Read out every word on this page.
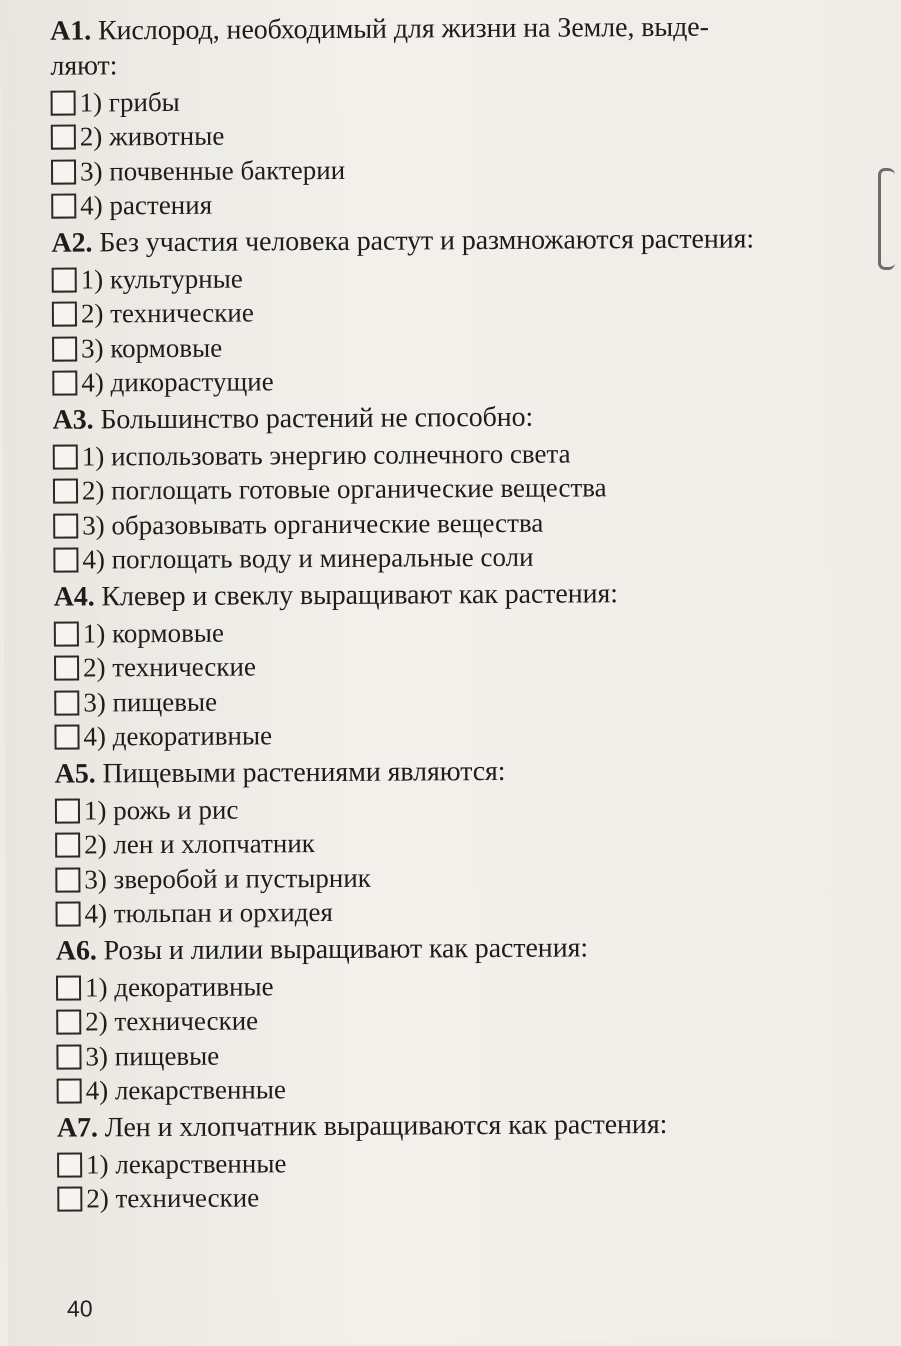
А1. Кислород, необходимый для жизни на Земле, выде-
ляют:

1) грибы
2) животные
3) почвенные бактерии
4) растения

А2. Без участия человека растут и размножаются растения:

1) культурные
2) технические
3) кормовые
4) дикорастущие

А3. Большинство растений не способно:

1) использовать энергию солнечного света
2) поглощать готовые органические вещества
3) образовывать органические вещества
4) поглощать воду и минеральные соли

А4. Клевер и свеклу выращивают как растения:

1) кормовые
2) технические
3) пищевые
4) декоративные

А5. Пищевыми растениями являются:

1) рожь и рис
2) лен и хлопчатник
3) зверобой и пустырник
4) тюльпан и орхидея

А6. Розы и лилии выращивают как растения:

1) декоративные
2) технические
3) пищевые
4) лекарственные

А7. Лен и хлопчатник выращиваются как растения:

1) лекарственные
2) технические
40
